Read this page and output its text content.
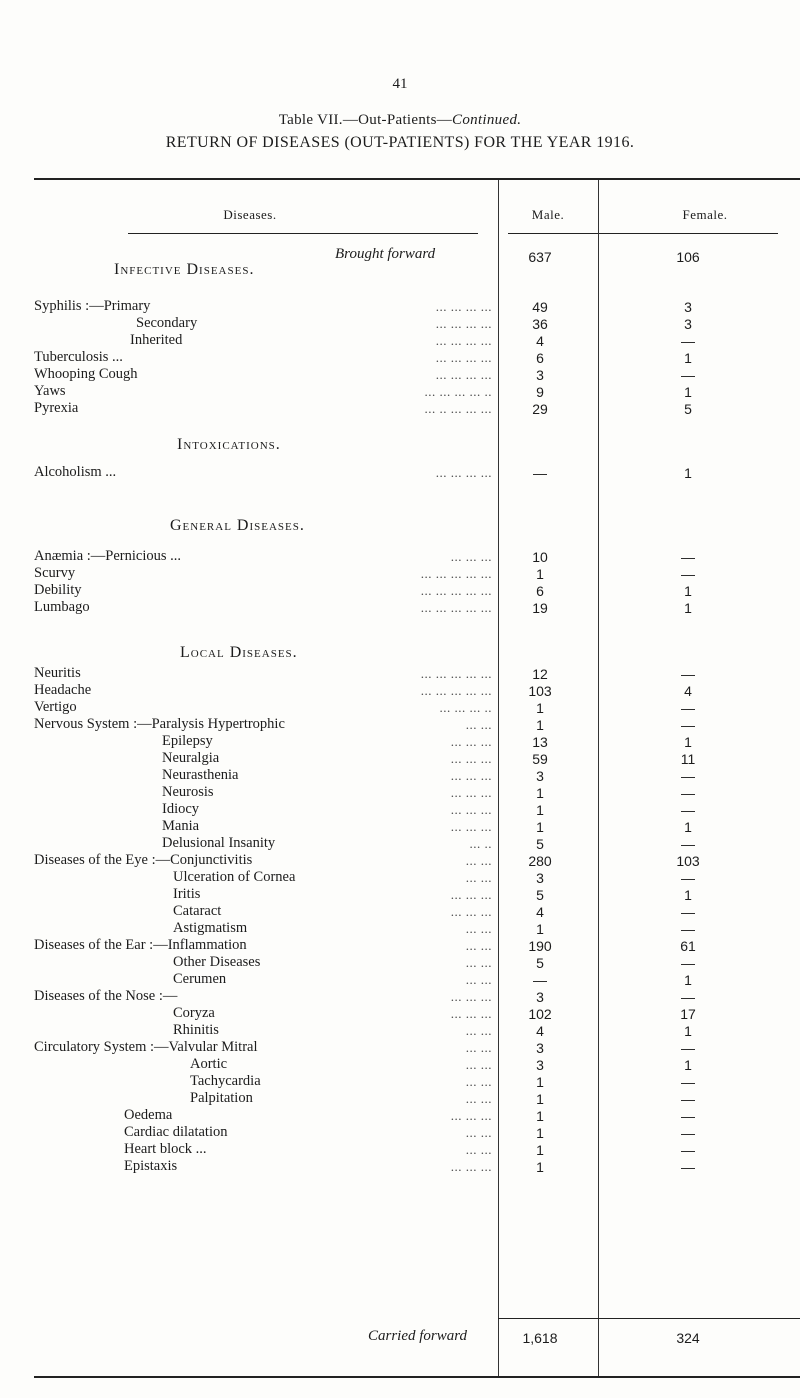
41
Table VII.—Out-Patients—Continued.
RETURN OF DISEASES (OUT-PATIENTS) FOR THE YEAR 1916.
Diseases.	Male.	Female.
Brought forward	637	106
Infective Diseases.
Intoxications.
General Diseases.
Local Diseases.
Syphilis :— Primary	... ... ... ...	49	3
Secondary	... ... ... ...	36	3
Inherited	... ... ... ...	4	—
Tuberculosis ...	... ... ... ...	6	1
Whooping Cough	... ... ... ...	3	—
Yaws	... ... ... ... ..	9	1
Pyrexia	... .. ... ... ...	29	5
Alcoholism ...	... ... ... ...	—	1
Anæmia :— Pernicious ...	... ... ...	10	—
Scurvy	... ... ... ... ...	1	—
Debility	... ... ... ... ...	6	1
Lumbago	... ... ... ... ...	19	1
Neuritis	... ... ... ... ...	12	—
Headache	... ... ... ... ...	103	4
Vertigo	... ... ... ..	1	—
Nervous System :— Paralysis Hypertrophic	... ...	1	—
Epilepsy	... ... ...	13	1
Neuralgia	... ... ...	59	11
Neurasthenia	... ... ...	3	—
Neurosis	... ... ...	1	—
Idiocy	... ... ...	1	—
Mania	... ... ...	1	1
Delusional Insanity	... ..	5	—
Diseases of the Eye :— Conjunctivitis	... ...	280	103
Ulceration of Cornea	... ...	3	—
Iritis	... ... ...	5	1
Cataract	... ... ...	4	—
Astigmatism	... ...	1	—
Diseases of the Ear : —Inflammation	... ...	190	61
Other Diseases	... ...	5	—
Cerumen	... ...	—	1
Diseases of the Nose :—	... ... ...	3	—
Coryza	... ... ...	102	17
Rhinitis	... ...	4	1
Circulatory System :— Valvular Mitral	... ...	3	—
Aortic	... ...	3	1
Tachycardia	... ...	1	—
Palpitation	... ...	1	—
Oedema	... ... ...	1	—
Cardiac dilatation	... ...	1	—
Heart block ...	... ...	1	—
Epistaxis	... ... ...	1	—
Carried forward	1,618	324
